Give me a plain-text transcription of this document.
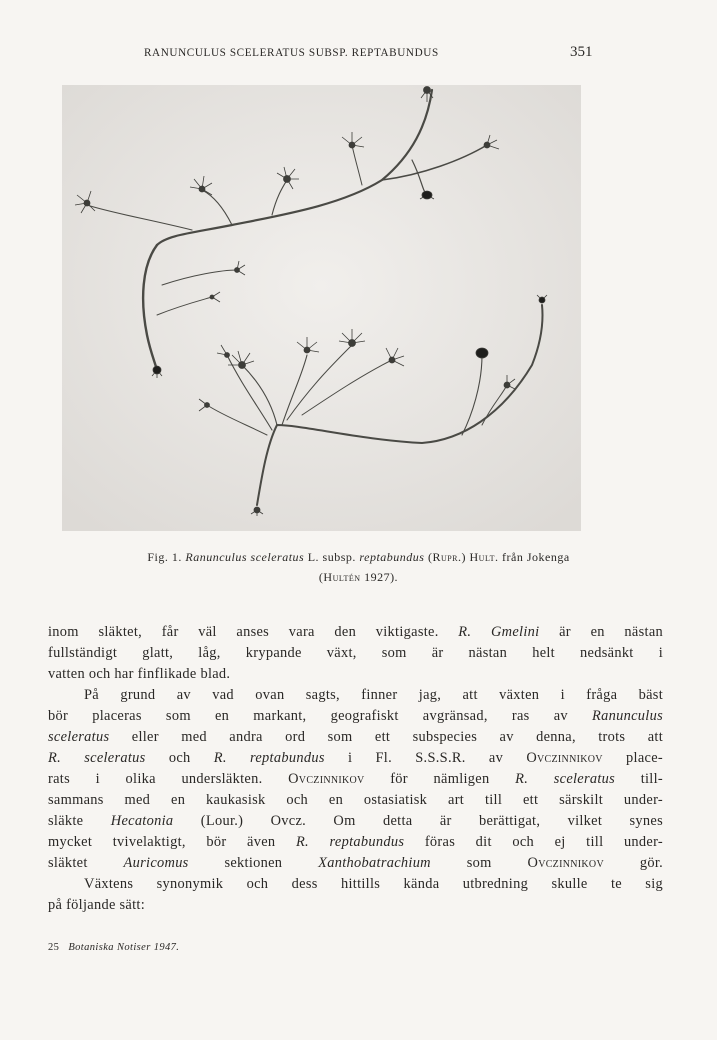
RANUNCULUS SCELERATUS SUBSP. REPTABUNDUS	351
Fig. 1. Ranunculus sceleratus L. subsp. reptabundus (Rupr.) Hult. från Jokenga
(Hultén 1927).
inom släktet, får väl anses vara den viktigaste. R. Gmelini är en nästan
fullständigt glatt, låg, krypande växt, som är nästan helt nedsänkt i
vatten och har finflikade blad.
På grund av vad ovan sagts, finner jag, att växten i fråga bäst
bör placeras som en markant, geografiskt avgränsad, ras av Ranunculus
sceleratus eller med andra ord som ett subspecies av denna, trots att
R. sceleratus och R. reptabundus i Fl. S.S.S.R. av Ovczinnikov place-
rats i olika undersläkten. Ovczinnikov för nämligen R. sceleratus till-
sammans med en kaukasisk och en ostasiatisk art till ett särskilt under-
släkte Hecatonia (Lour.) Ovcz. Om detta är berättigat, vilket synes
mycket tvivelaktigt, bör även R. reptabundus föras dit och ej till under-
släktet Auricomus sektionen Xanthobatrachium som Ovczinnikov gör.
Växtens synonymik och dess hittills kända utbredning skulle te sig
på följande sätt:
25 Botaniska Notiser 1947.
